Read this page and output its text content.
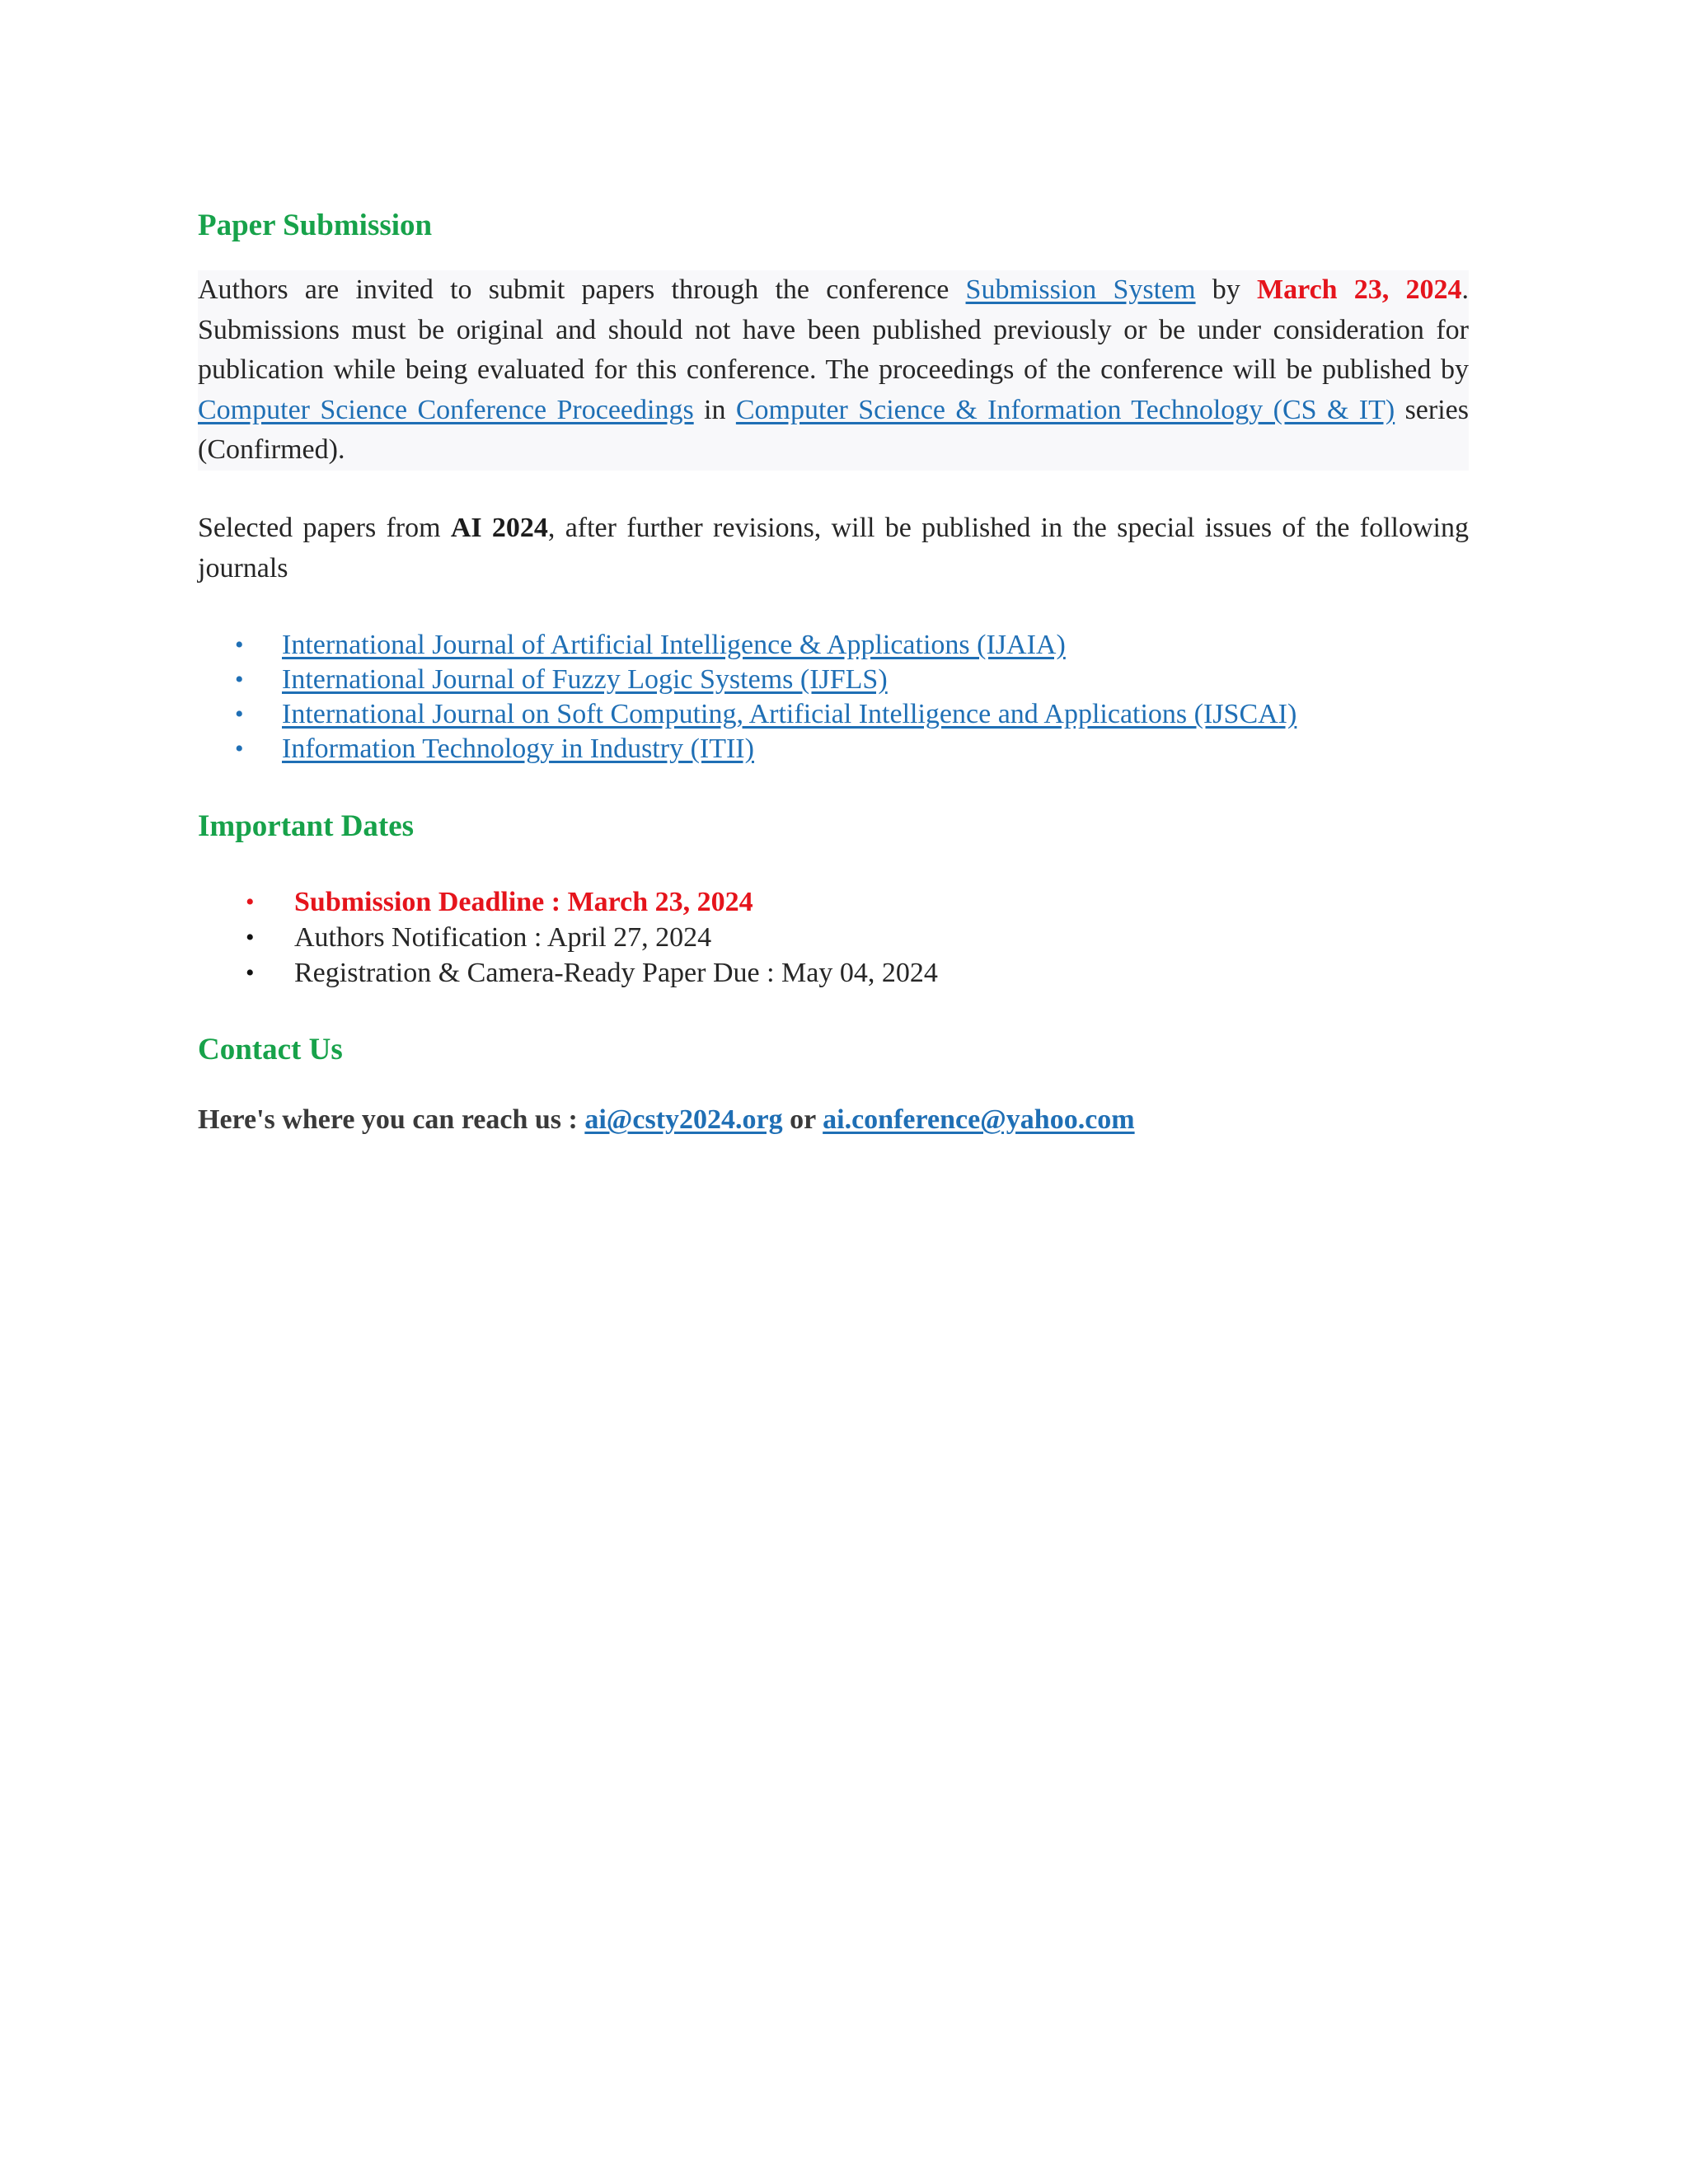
Paper Submission

Authors are invited to submit papers through the conference Submission System by March 23, 2024. Submissions must be original and should not have been published previously or be under consideration for publication while being evaluated for this conference. The proceedings of the conference will be published by Computer Science Conference Proceedings in Computer Science & Information Technology (CS & IT) series (Confirmed).

Selected papers from AI 2024, after further revisions, will be published in the special issues of the following journals

• International Journal of Artificial Intelligence & Applications (IJAIA)
• International Journal of Fuzzy Logic Systems (IJFLS)
• International Journal on Soft Computing, Artificial Intelligence and Applications (IJSCAI)
• Information Technology in Industry (ITII)
Important Dates
• Submission Deadline : March 23, 2024
• Authors Notification : April 27, 2024
• Registration & Camera-Ready Paper Due : May 04, 2024
Contact Us

Here's where you can reach us : ai@csty2024.org or ai.conference@yahoo.com
